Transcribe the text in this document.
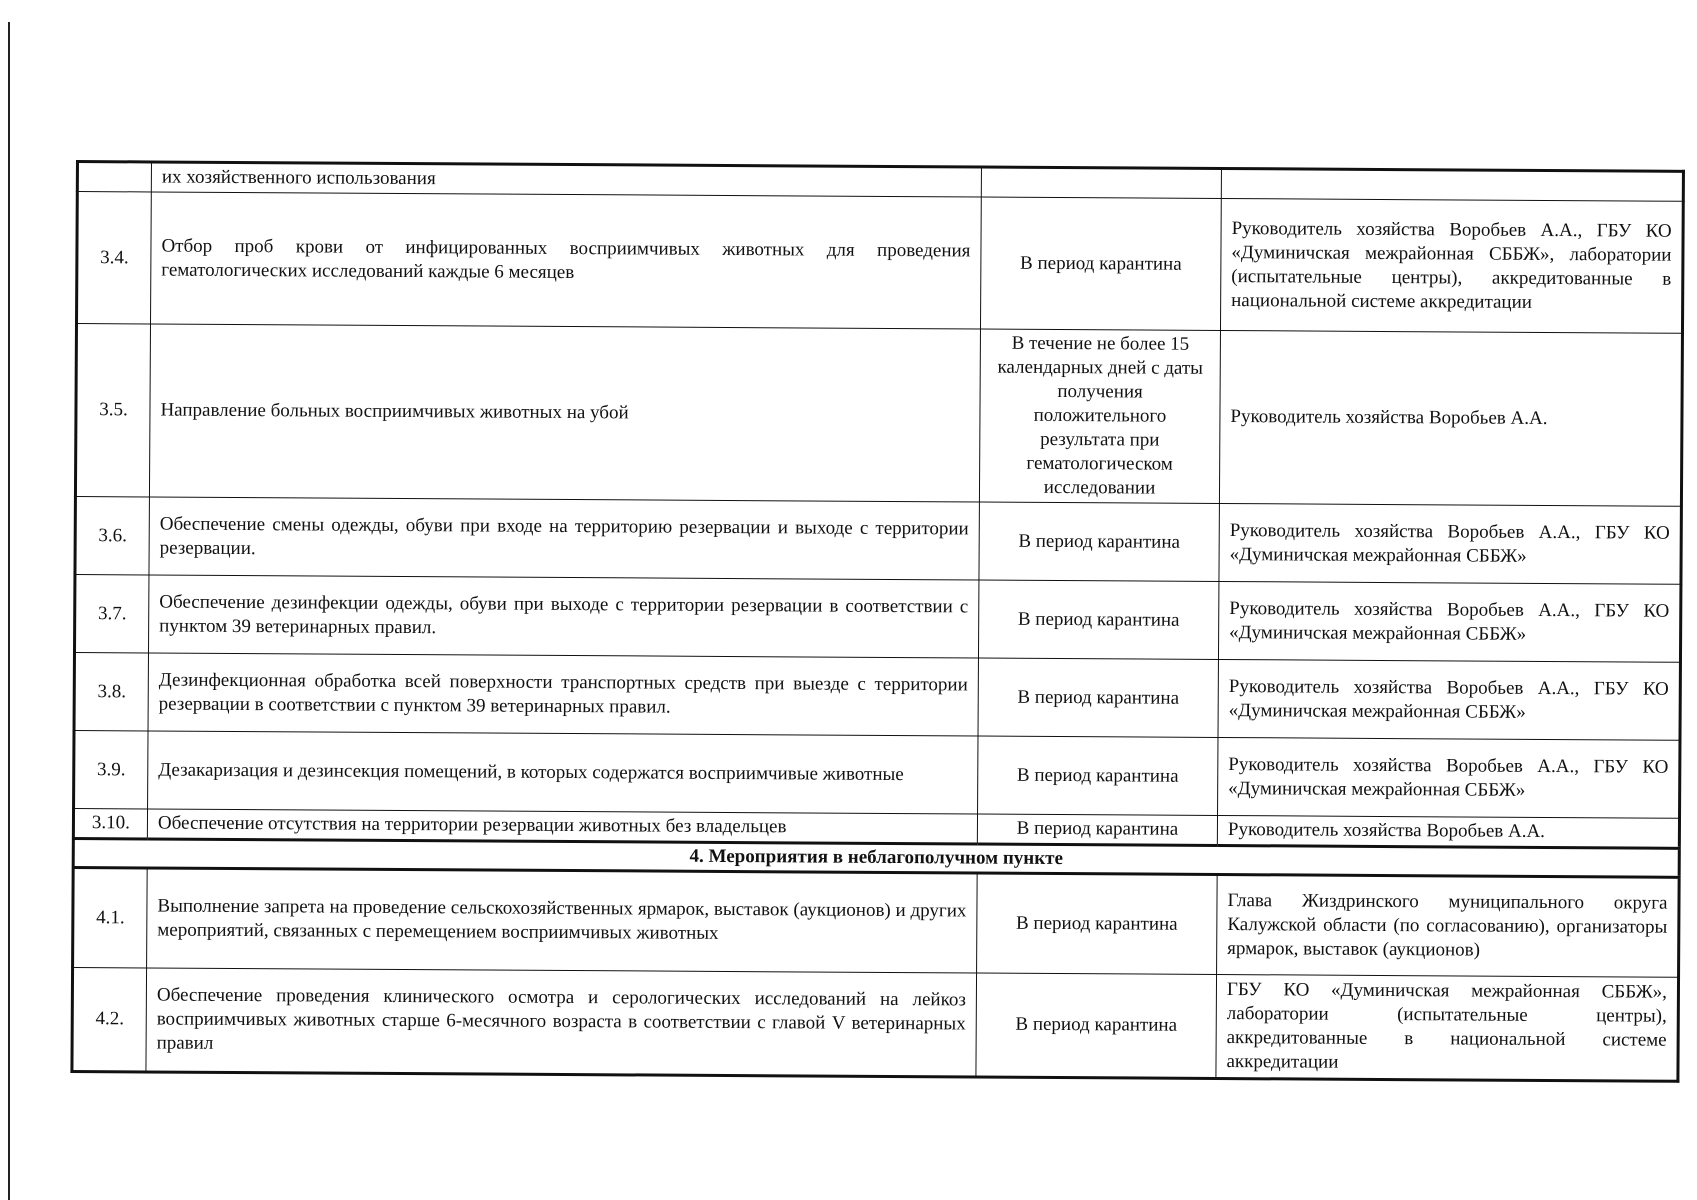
	их хозяйственного использования		
3.4.	Отбор проб крови от инфицированных восприимчивых животных для проведения гематологических исследований каждые 6 месяцев	В период карантина	Руководитель хозяйства Воробьев А.А., ГБУ КО «Думиничская межрайонная СББЖ», лаборатории (испытательные центры), аккредитованные в национальной системе аккредитации
3.5.	Направление больных восприимчивых животных на убой	В течение не более 15 календарных дней с даты получения положительного результата при гематологическом исследовании	Руководитель хозяйства Воробьев А.А.
3.6.	Обеспечение смены одежды, обуви при входе на территорию резервации и выходе с территории резервации.	В период карантина	Руководитель хозяйства Воробьев А.А., ГБУ КО «Думиничская межрайонная СББЖ»
3.7.	Обеспечение дезинфекции одежды, обуви при выходе с территории резервации в соответствии с пунктом 39 ветеринарных правил.	В период карантина	Руководитель хозяйства Воробьев А.А., ГБУ КО «Думиничская межрайонная СББЖ»
3.8.	Дезинфекционная обработка всей поверхности транспортных средств при выезде с территории резервации в соответствии с пунктом 39 ветеринарных правил.	В период карантина	Руководитель хозяйства Воробьев А.А., ГБУ КО «Думиничская межрайонная СББЖ»
3.9.	Дезакаризация и дезинсекция помещений, в которых содержатся восприимчивые животные	В период карантина	Руководитель хозяйства Воробьев А.А., ГБУ КО «Думиничская межрайонная СББЖ»
3.10.	Обеспечение отсутствия на территории резервации животных без владельцев	В период карантина	Руководитель хозяйства Воробьев А.А.
4. Мероприятия в неблагополучном пункте			
4.1.	Выполнение запрета на проведение сельскохозяйственных ярмарок, выставок (аукционов) и других мероприятий, связанных с перемещением восприимчивых животных	В период карантина	Глава Жиздринского муниципального округа Калужской области (по согласованию), организаторы ярмарок, выставок (аукционов)
4.2.	Обеспечение проведения клинического осмотра и серологических исследований на лейкоз восприимчивых животных старше 6-месячного возраста в соответствии с главой V ветеринарных правил	В период карантина	ГБУ КО «Думиничская межрайонная СББЖ», лаборатории (испытательные центры), аккредитованные в национальной системе аккредитации
